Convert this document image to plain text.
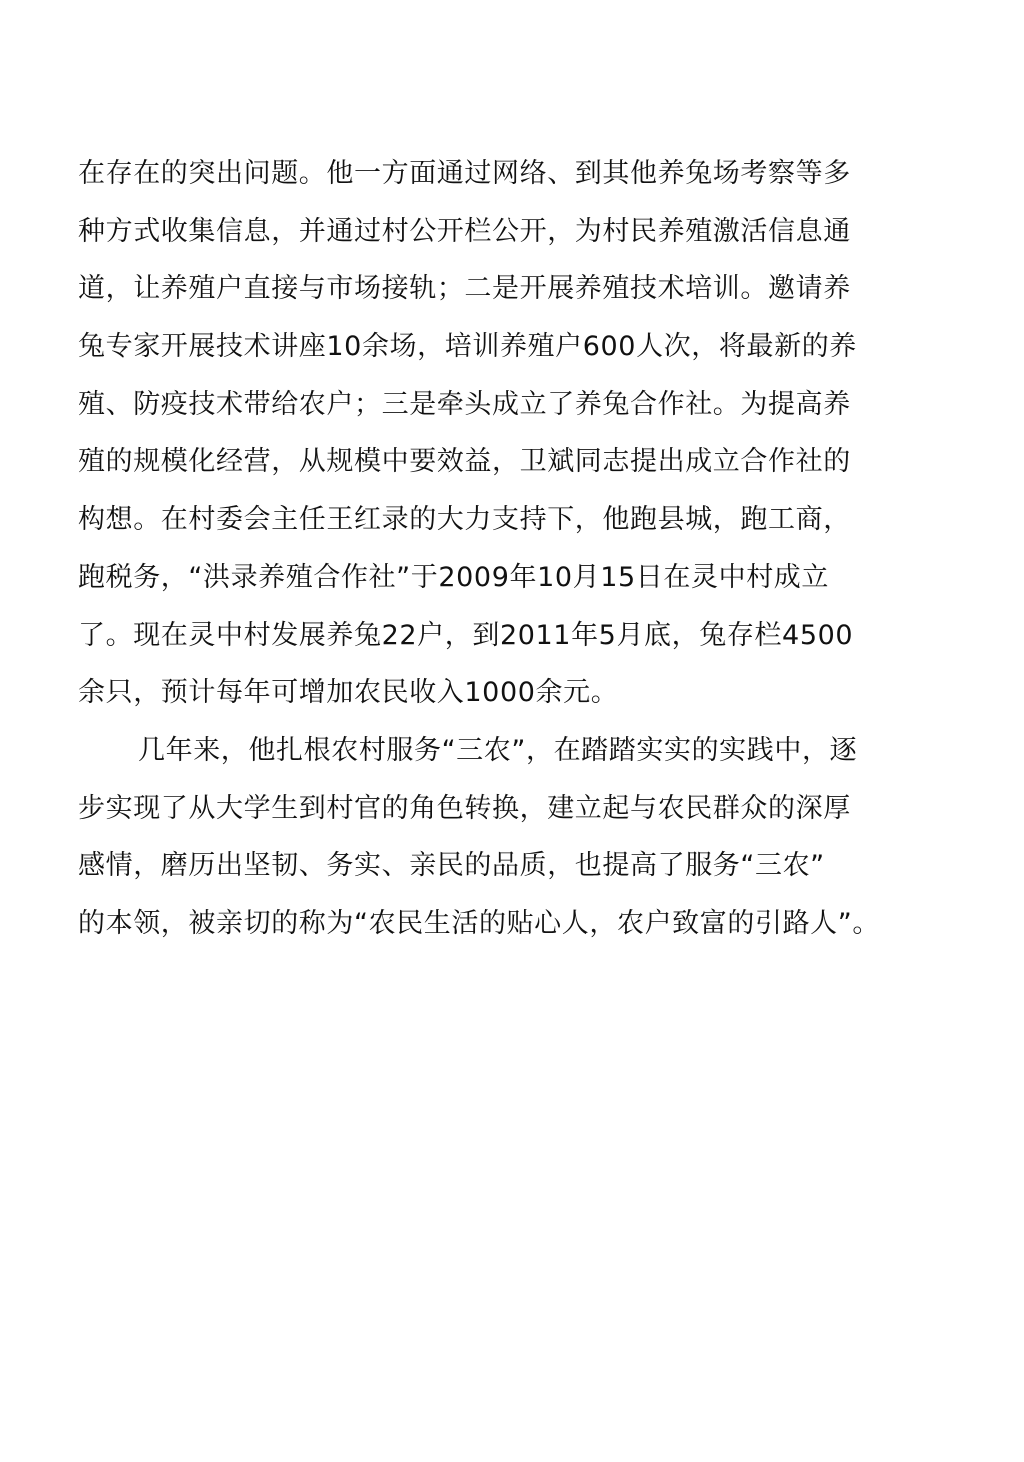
在存在的突出问题。他一方面通过网络、到其他养兔场考察等多
种方式收集信息，并通过村公开栏公开，为村民养殖激活信息通
道，让养殖户直接与市场接轨；二是开展养殖技术培训。邀请养
兔专家开展技术讲座10余场，培训养殖户600人次，将最新的养
殖、防疫技术带给农户；三是牵头成立了养兔合作社。为提高养
殖的规模化经营，从规模中要效益，卫斌同志提出成立合作社的
构想。在村委会主任王红录的大力支持下，他跑县城，跑工商，
跑税务，“洪录养殖合作社”于2009年10月15日在灵中村成立
了。现在灵中村发展养兔22户，到2011年5月底，兔存栏4500
余只，预计每年可增加农民收入1000余元。
几年来，他扎根农村服务“三农”，在踏踏实实的实践中，逐
步实现了从大学生到村官的角色转换，建立起与农民群众的深厚
感情，磨历出坚韧、务实、亲民的品质，也提高了服务“三农”
的本领，被亲切的称为“农民生活的贴心人，农户致富的引路人”。
